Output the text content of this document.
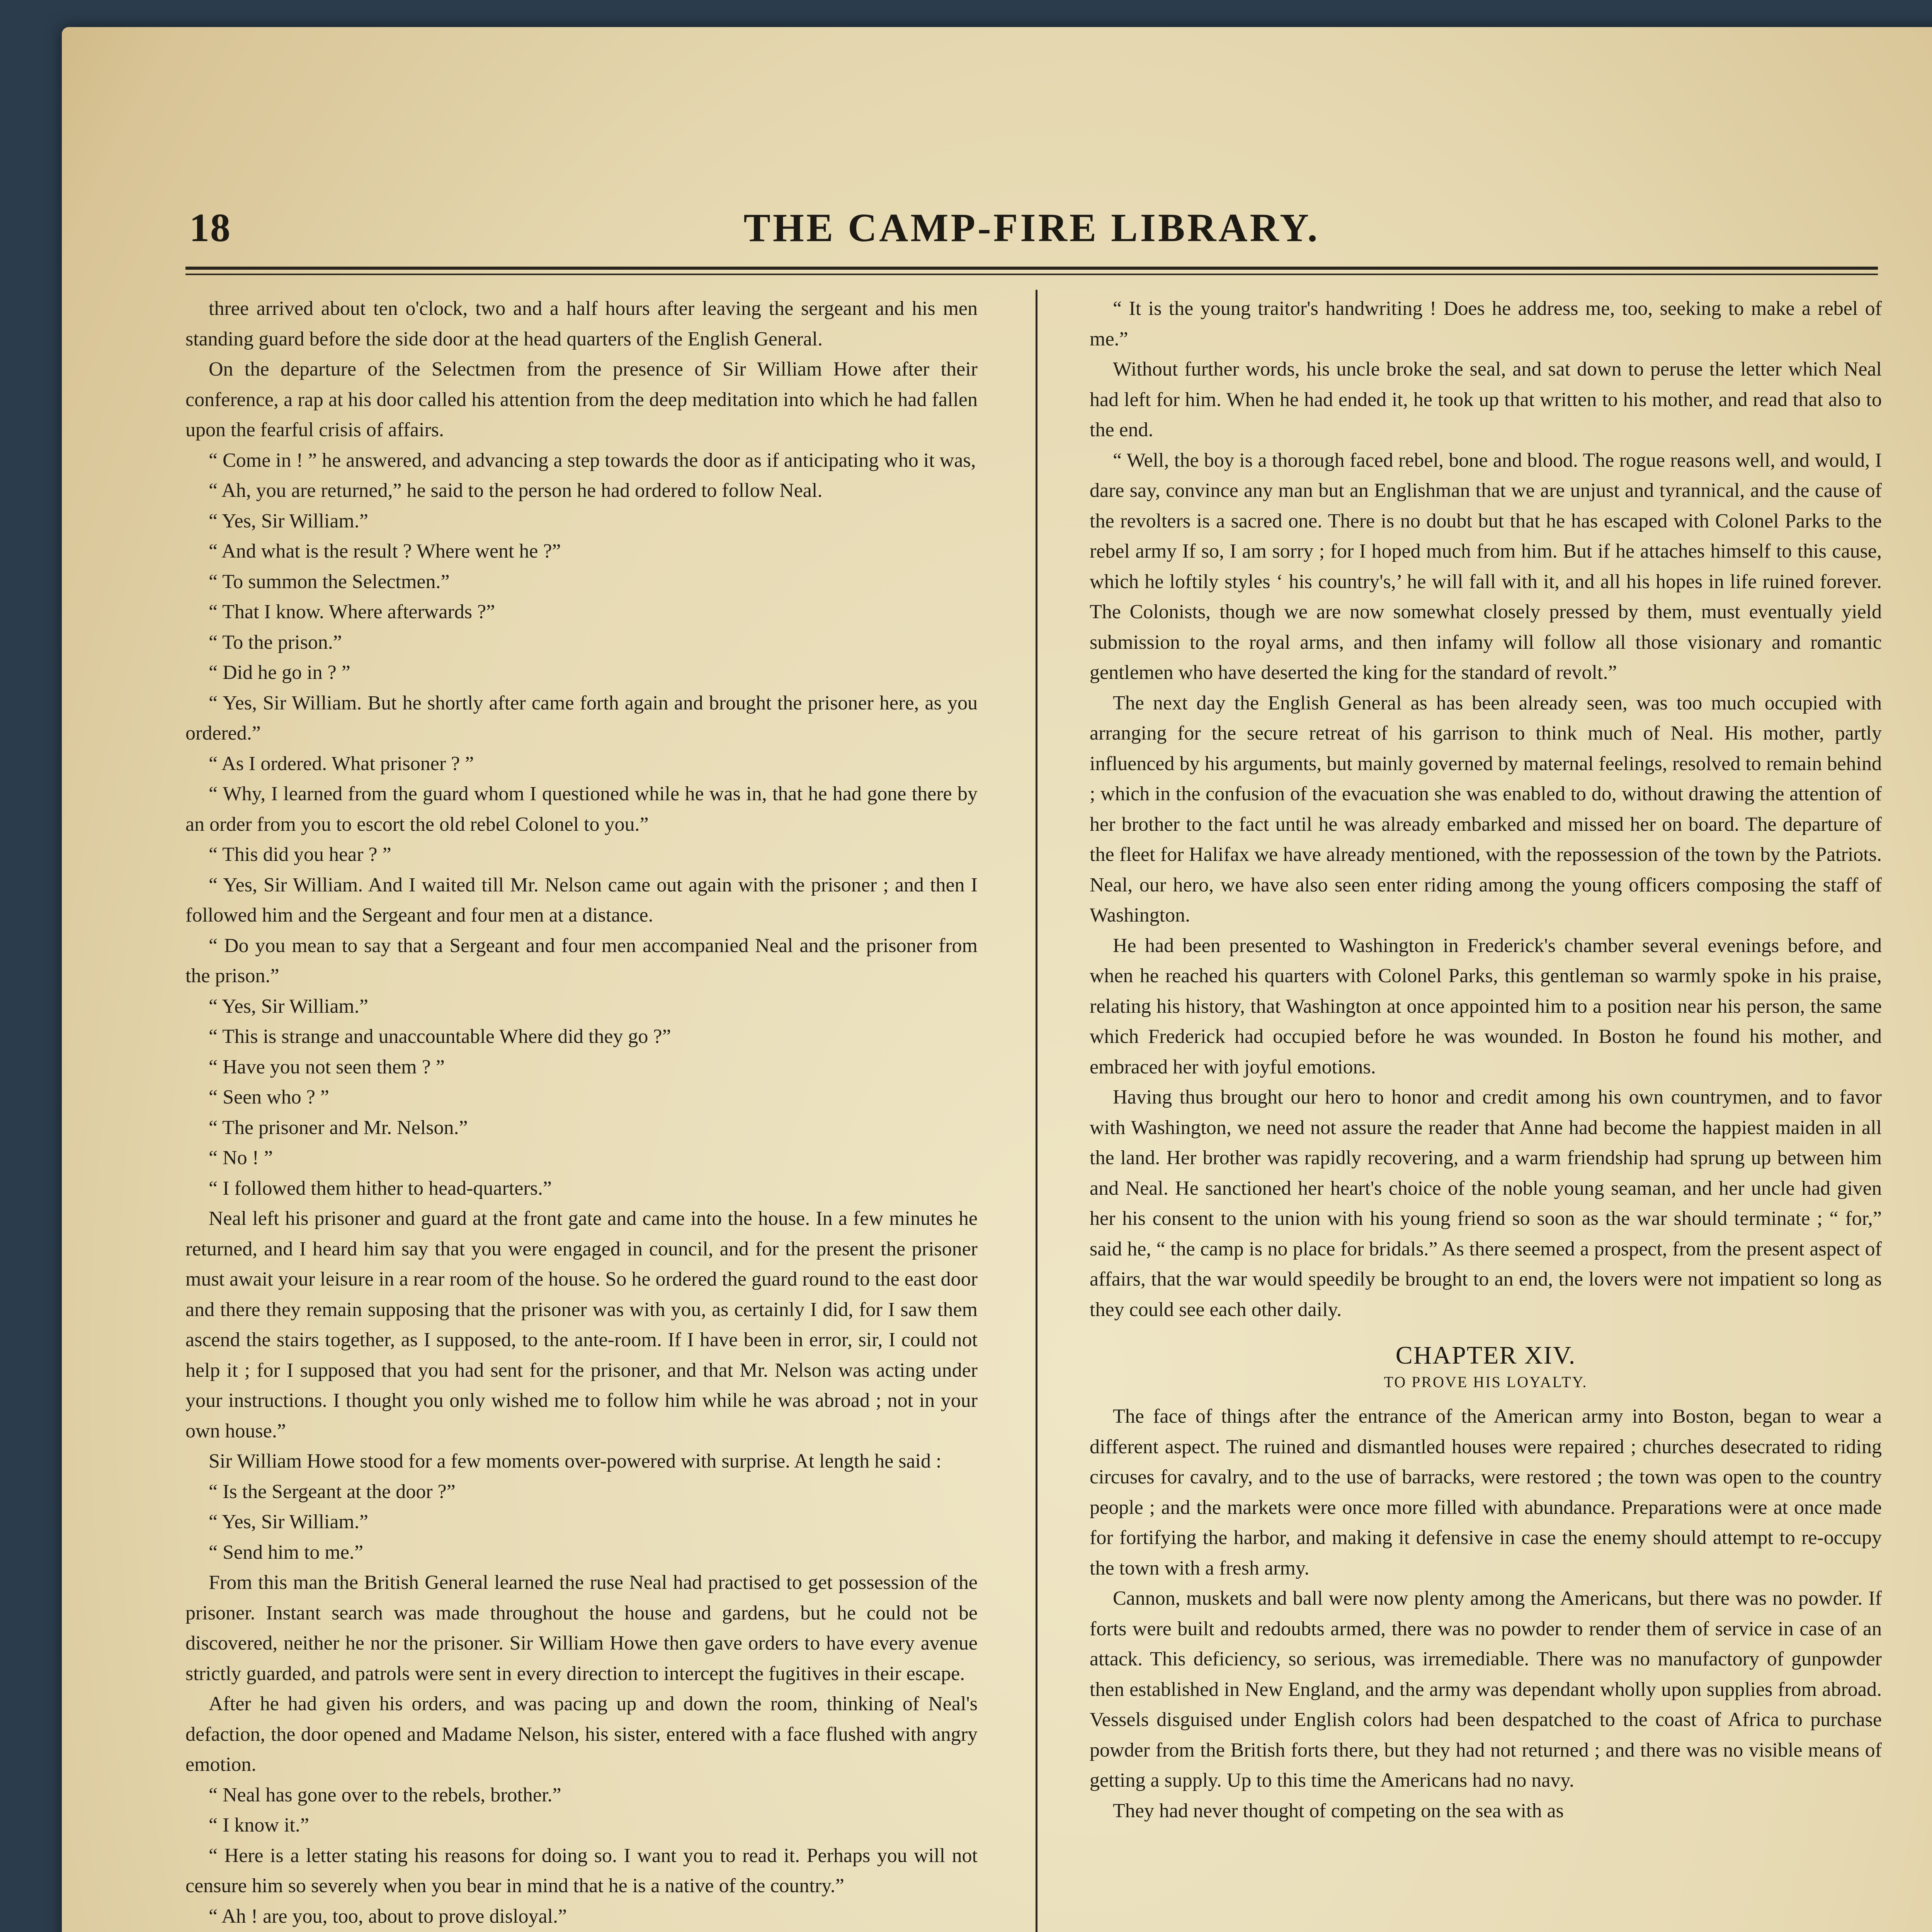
18	THE CAMP-FIRE LIBRARY.

three arrived about ten o'clock, two and a half hours after leaving the sergeant and his men standing guard before the side door at the head quarters of the English General.

On the departure of the Selectmen from the presence of Sir William Howe after their conference, a rap at his door called his attention from the deep meditation into which he had fallen upon the fearful crisis of affairs.

“ Come in ! ” he answered, and advancing a step towards the door as if anticipating who it was,

“ Ah, you are returned,” he said to the person he had ordered to follow Neal.

“ Yes, Sir William.”

“ And what is the result ? Where went he ?”

“ To summon the Selectmen.”

“ That I know. Where afterwards ?”

“ To the prison.”

“ Did he go in ? ”

“ Yes, Sir William. But he shortly after came forth again and brought the prisoner here, as you ordered.”

“ As I ordered. What prisoner ? ”

“ Why, I learned from the guard whom I questioned while he was in, that he had gone there by an order from you to escort the old rebel Colonel to you.”

“ This did you hear ? ”

“ Yes, Sir William. And I waited till Mr. Nelson came out again with the prisoner ; and then I followed him and the Sergeant and four men at a distance.

“ Do you mean to say that a Sergeant and four men accompanied Neal and the prisoner from the prison.”

“ Yes, Sir William.”

“ This is strange and unaccountable Where did they go ?”

“ Have you not seen them ? ”

“ Seen who ? ”

“ The prisoner and Mr. Nelson.”

“ No ! ”

“ I followed them hither to head-quarters.”

Neal left his prisoner and guard at the front gate and came into the house. In a few minutes he returned, and I heard him say that you were engaged in council, and for the present the prisoner must await your leisure in a rear room of the house. So he ordered the guard round to the east door and there they remain supposing that the prisoner was with you, as certainly I did, for I saw them ascend the stairs together, as I supposed, to the ante-room. If I have been in error, sir, I could not help it ; for I supposed that you had sent for the prisoner, and that Mr. Nelson was acting under your instructions. I thought you only wished me to follow him while he was abroad ; not in your own house.”

Sir William Howe stood for a few moments over-powered with surprise. At length he said :

“ Is the Sergeant at the door ?”

“ Yes, Sir William.”

“ Send him to me.”

From this man the British General learned the ruse Neal had practised to get possession of the prisoner. Instant search was made throughout the house and gardens, but he could not be discovered, neither he nor the prisoner. Sir William Howe then gave orders to have every avenue strictly guarded, and patrols were sent in every direction to intercept the fugitives in their escape.

After he had given his orders, and was pacing up and down the room, thinking of Neal's defaction, the door opened and Madame Nelson, his sister, entered with a face flushed with angry emotion.

“ Neal has gone over to the rebels, brother.”

“ I know it.”

“ Here is a letter stating his reasons for doing so. I want you to read it. Perhaps you will not censure him so severely when you bear in mind that he is a native of the country.”

“ Ah ! are you, too, about to prove disloyal.”

“ It is the young traitor's handwriting ! Does he address me, too, seeking to make a rebel of me.”

Without further words, his uncle broke the seal, and sat down to peruse the letter which Neal had left for him. When he had ended it, he took up that written to his mother, and read that also to the end.

“ Well, the boy is a thorough faced rebel, bone and blood. The rogue reasons well, and would, I dare say, convince any man but an Englishman that we are unjust and tyrannical, and the cause of the revolters is a sacred one. There is no doubt but that he has escaped with Colonel Parks to the rebel army If so, I am sorry ; for I hoped much from him. But if he attaches himself to this cause, which he loftily styles ‘ his country's,’ he will fall with it, and all his hopes in life ruined forever. The Colonists, though we are now somewhat closely pressed by them, must eventually yield submission to the royal arms, and then infamy will follow all those visionary and romantic gentlemen who have deserted the king for the standard of revolt.”

The next day the English General as has been already seen, was too much occupied with arranging for the secure retreat of his garrison to think much of Neal. His mother, partly influenced by his arguments, but mainly governed by maternal feelings, resolved to remain behind ; which in the confusion of the evacuation she was enabled to do, without drawing the attention of her brother to the fact until he was already embarked and missed her on board. The departure of the fleet for Halifax we have already mentioned, with the repossession of the town by the Patriots. Neal, our hero, we have also seen enter riding among the young officers composing the staff of Washington.

He had been presented to Washington in Frederick's chamber several evenings before, and when he reached his quarters with Colonel Parks, this gentleman so warmly spoke in his praise, relating his history, that Washington at once appointed him to a position near his person, the same which Frederick had occupied before he was wounded. In Boston he found his mother, and embraced her with joyful emotions.

Having thus brought our hero to honor and credit among his own countrymen, and to favor with Washington, we need not assure the reader that Anne had become the happiest maiden in all the land. Her brother was rapidly recovering, and a warm friendship had sprung up between him and Neal. He sanctioned her heart's choice of the noble young seaman, and her uncle had given her his consent to the union with his young friend so soon as the war should terminate ; “ for,” said he, “ the camp is no place for bridals.” As there seemed a prospect, from the present aspect of affairs, that the war would speedily be brought to an end, the lovers were not impatient so long as they could see each other daily.

CHAPTER XIV.
TO PROVE HIS LOYALTY.

The face of things after the entrance of the American army into Boston, began to wear a different aspect. The ruined and dismantled houses were repaired ; churches desecrated to riding circuses for cavalry, and to the use of barracks, were restored ; the town was open to the country people ; and the markets were once more filled with abundance. Preparations were at once made for fortifying the harbor, and making it defensive in case the enemy should attempt to re-occupy the town with a fresh army.

Cannon, muskets and ball were now plenty among the Americans, but there was no powder. If forts were built and redoubts armed, there was no powder to render them of service in case of an attack. This deficiency, so serious, was irremediable. There was no manufactory of gunpowder then established in New England, and the army was dependant wholly upon supplies from abroad. Vessels disguised under English colors had been despatched to the coast of Africa to purchase powder from the British forts there, but they had not returned ; and there was no visible means of getting a supply. Up to this time the Americans had no navy.

They had never thought of competing on the sea with as
